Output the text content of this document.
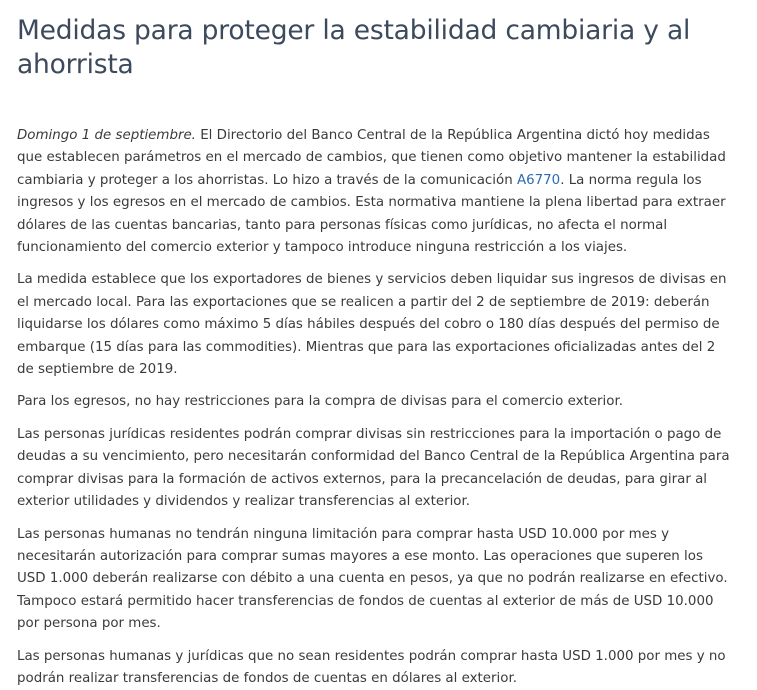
Medidas para proteger la estabilidad cambiaria y al ahorrista

Domingo 1 de septiembre. El Directorio del Banco Central de la República Argentina dictó hoy medidas que establecen parámetros en el mercado de cambios, que tienen como objetivo mantener la estabilidad cambiaria y proteger a los ahorristas. Lo hizo a través de la comunicación A6770. La norma regula los ingresos y los egresos en el mercado de cambios. Esta normativa mantiene la plena libertad para extraer dólares de las cuentas bancarias, tanto para personas físicas como jurídicas, no afecta el normal funcionamiento del comercio exterior y tampoco introduce ninguna restricción a los viajes.

La medida establece que los exportadores de bienes y servicios deben liquidar sus ingresos de divisas en el mercado local. Para las exportaciones que se realicen a partir del 2 de septiembre de 2019: deberán liquidarse los dólares como máximo 5 días hábiles después del cobro o 180 días después del permiso de embarque (15 días para las commodities). Mientras que para las exportaciones oficializadas antes del 2 de septiembre de 2019.

Para los egresos, no hay restricciones para la compra de divisas para el comercio exterior.

Las personas jurídicas residentes podrán comprar divisas sin restricciones para la importación o pago de deudas a su vencimiento, pero necesitarán conformidad del Banco Central de la República Argentina para comprar divisas para la formación de activos externos, para la precancelación de deudas, para girar al exterior utilidades y dividendos y realizar transferencias al exterior.

Las personas humanas no tendrán ninguna limitación para comprar hasta USD 10.000 por mes y necesitarán autorización para comprar sumas mayores a ese monto. Las operaciones que superen los USD 1.000 deberán realizarse con débito a una cuenta en pesos, ya que no podrán realizarse en efectivo. Tampoco estará permitido hacer transferencias de fondos de cuentas al exterior de más de USD 10.000 por persona por mes.

Las personas humanas y jurídicas que no sean residentes podrán comprar hasta USD 1.000 por mes y no podrán realizar transferencias de fondos de cuentas en dólares al exterior.
